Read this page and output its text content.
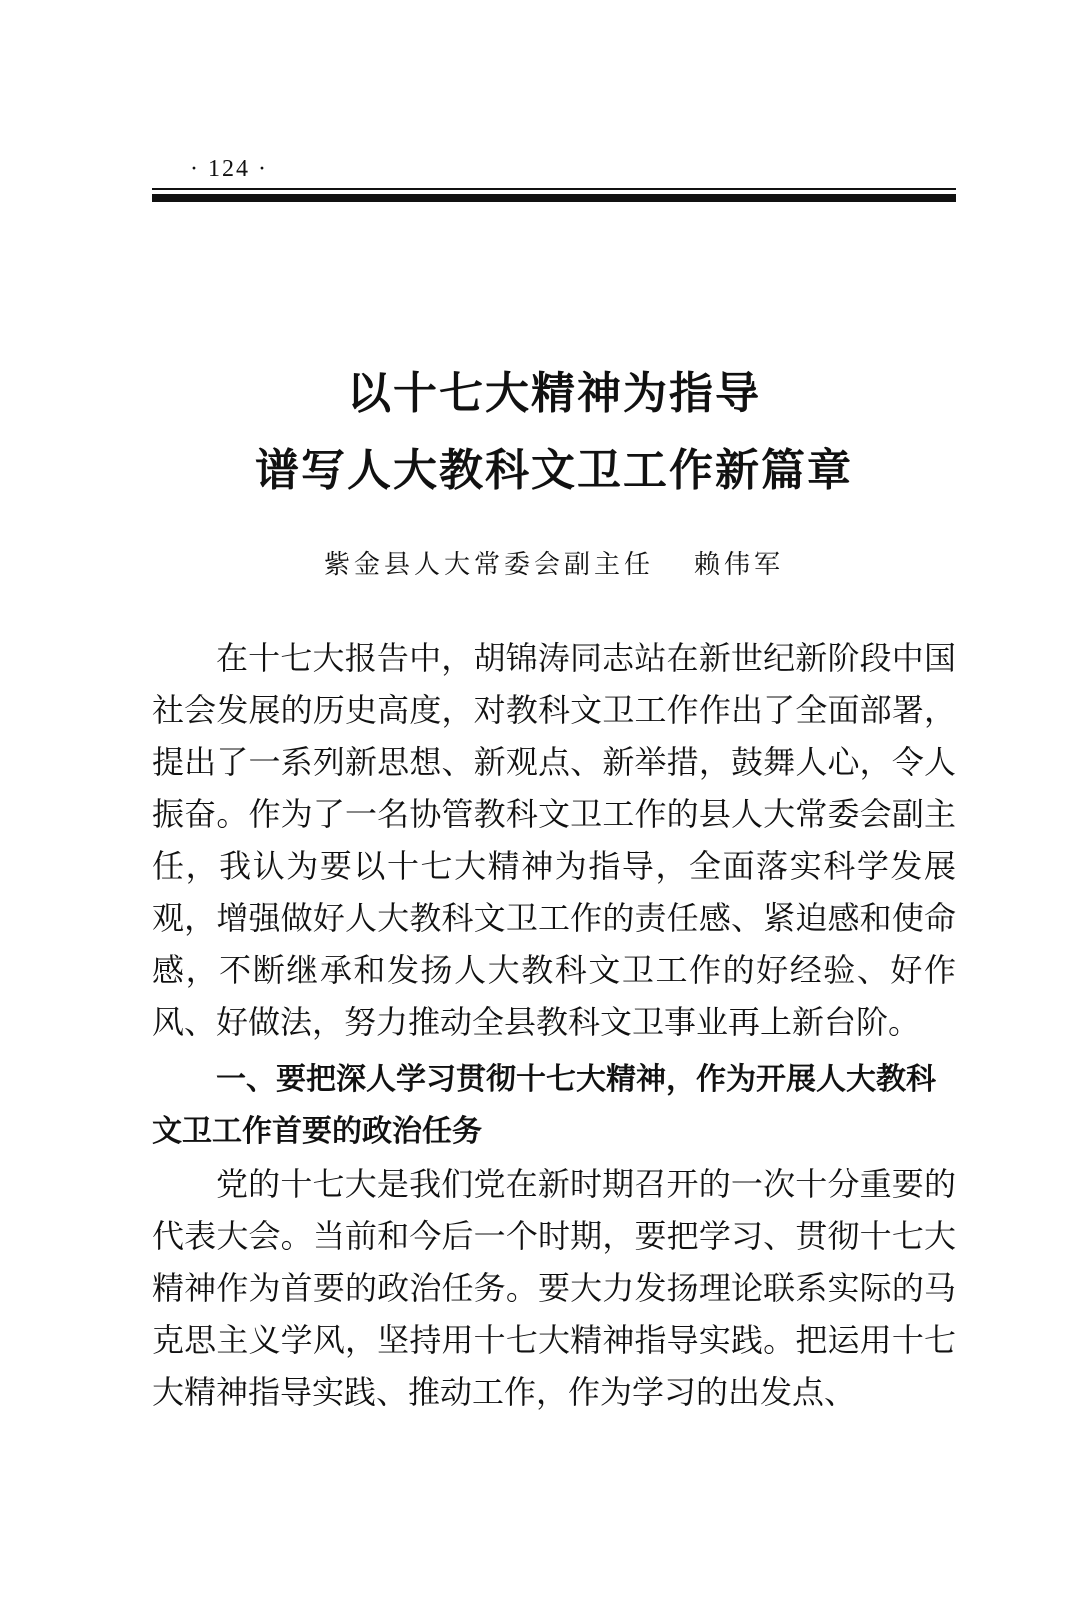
· 124 ·
以十七大精神为指导
谱写人大教科文卫工作新篇章
紫金县人大常委会副主任 赖伟军

在十七大报告中，胡锦涛同志站在新世纪新阶段中国社会发展的历史高度，对教科文卫工作作出了全面部署，提出了一系列新思想、新观点、新举措，鼓舞人心，令人振奋。作为了一名协管教科文卫工作的县人大常委会副主任，我认为要以十七大精神为指导，全面落实科学发展观，增强做好人大教科文卫工作的责任感、紧迫感和使命感，不断继承和发扬人大教科文卫工作的好经验、好作风、好做法，努力推动全县教科文卫事业再上新台阶。

一、要把深人学习贯彻十七大精神，作为开展人大教科文卫工作首要的政治任务

党的十七大是我们党在新时期召开的一次十分重要的代表大会。当前和今后一个时期，要把学习、贯彻十七大精神作为首要的政治任务。要大力发扬理论联系实际的马克思主义学风，坚持用十七大精神指导实践。把运用十七大精神指导实践、推动工作，作为学习的出发点、
